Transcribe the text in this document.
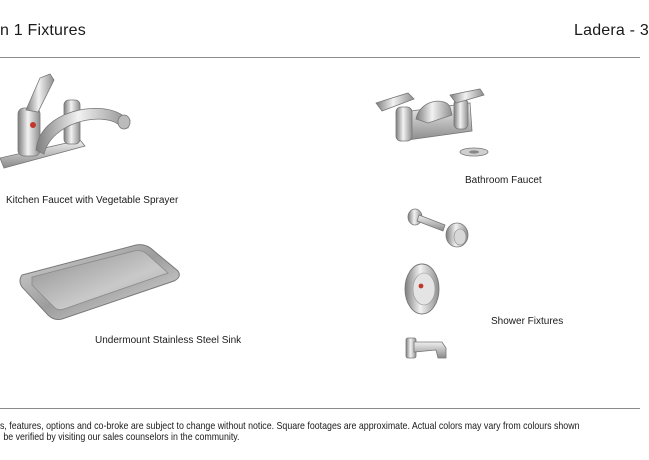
n 1 Fixtures	Ladera - 3
Kitchen Faucet with Vegetable Sprayer
Undermount Stainless Steel Sink
Bathroom Faucet
Shower Fixtures
s, features, options and co-broke are subject to change without notice. Square footages are approximate. Actual colors may vary from colours shown
be verified by visiting our sales counselors in the community.
